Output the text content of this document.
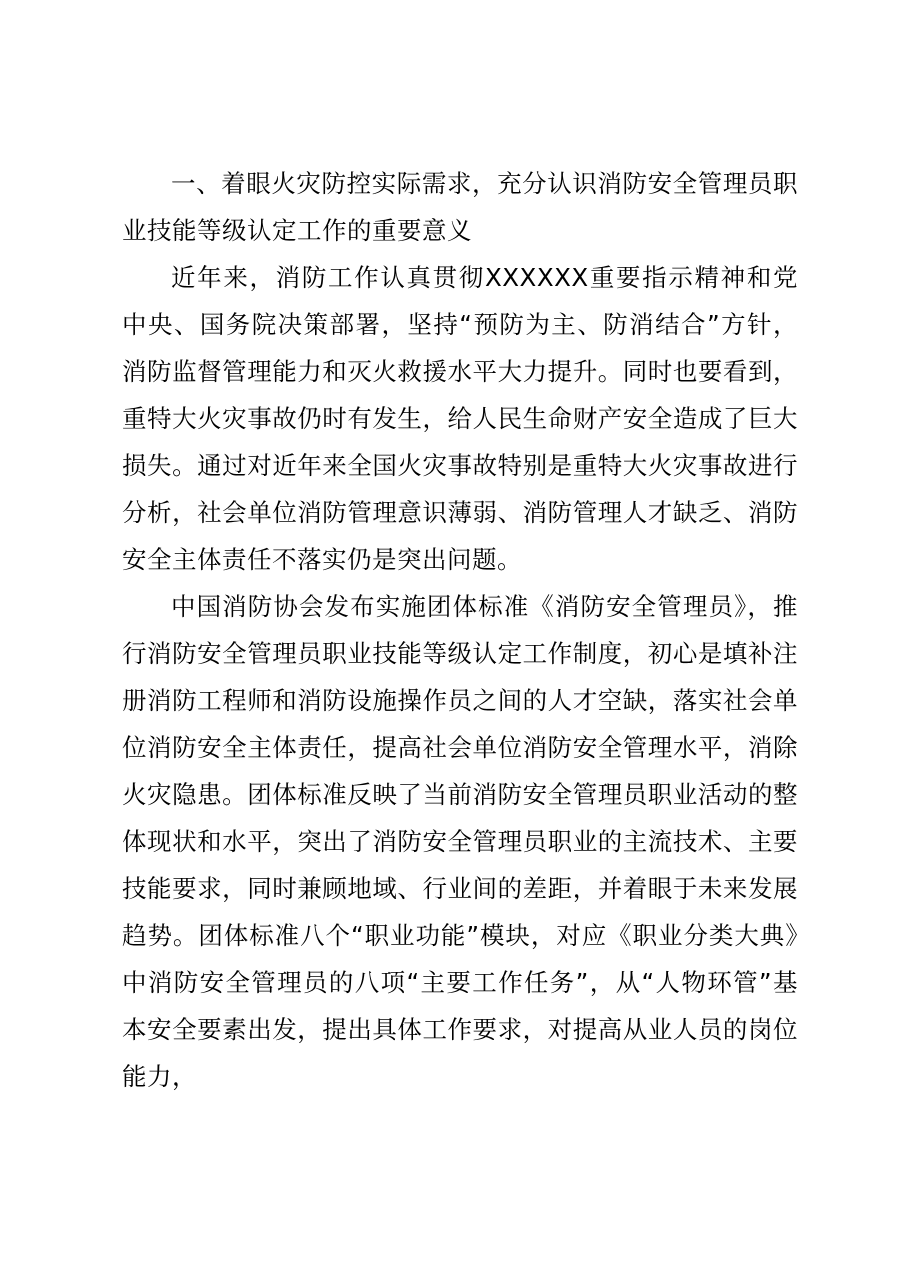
一、着眼火灾防控实际需求，充分认识消防安全管理员职业技能等级认定工作的重要意义

近年来，消防工作认真贯彻XXXXXX重要指示精神和党中央、国务院决策部署，坚持“预防为主、防消结合”方针，消防监督管理能力和灭火救援水平大力提升。同时也要看到，重特大火灾事故仍时有发生，给人民生命财产安全造成了巨大损失。通过对近年来全国火灾事故特别是重特大火灾事故进行分析，社会单位消防管理意识薄弱、消防管理人才缺乏、消防安全主体责任不落实仍是突出问题。

中国消防协会发布实施团体标准《消防安全管理员》，推行消防安全管理员职业技能等级认定工作制度，初心是填补注册消防工程师和消防设施操作员之间的人才空缺，落实社会单位消防安全主体责任，提高社会单位消防安全管理水平，消除火灾隐患。团体标准反映了当前消防安全管理员职业活动的整体现状和水平，突出了消防安全管理员职业的主流技术、主要技能要求，同时兼顾地域、行业间的差距，并着眼于未来发展趋势。团体标准八个“职业功能”模块，对应《职业分类大典》中消防安全管理员的八项“主要工作任务”，从“人物环管”基本安全要素出发，提出具体工作要求，对提高从业人员的岗位能力，
